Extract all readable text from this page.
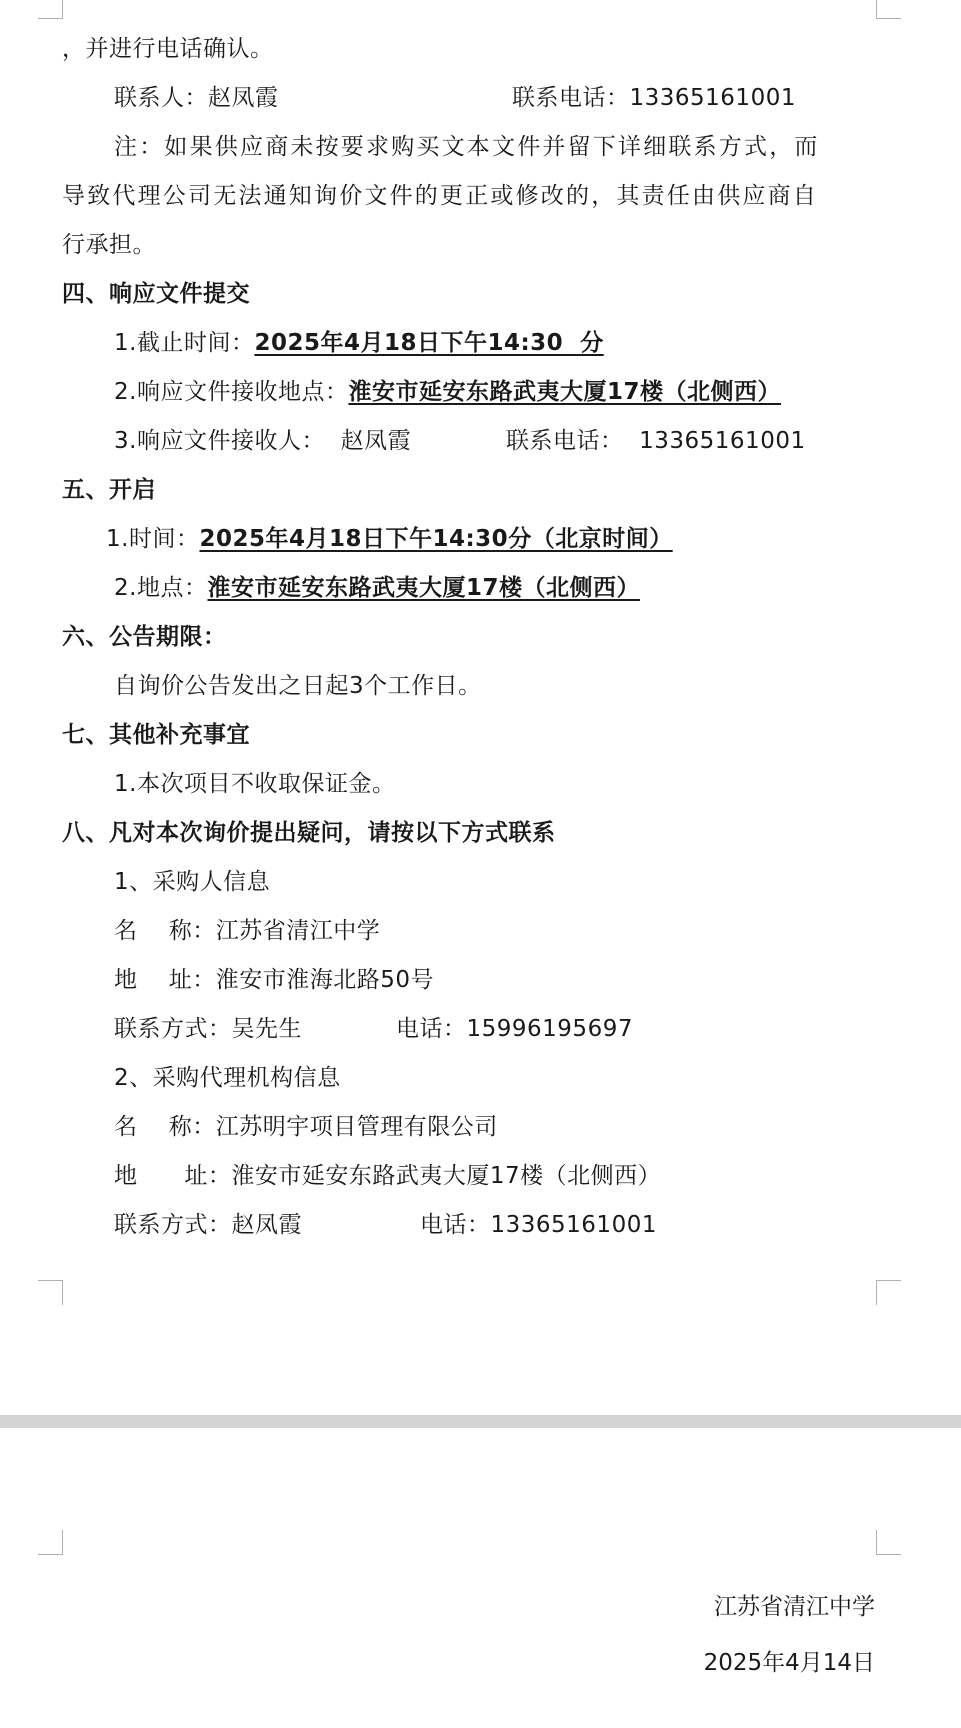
，并进行电话确认。
联系人：赵凤霞	联系电话：13365161001
注：如果供应商未按要求购买文本文件并留下详细联系方式，而
导致代理公司无法通知询价文件的更正或修改的，其责任由供应商自
行承担。
四、响应文件提交
1.截止时间：2025年4月18日下午14:30  分
2.响应文件接收地点：淮安市延安东路武夷大厦17楼（北侧西）
3.响应文件接收人：  赵凤霞	联系电话：  13365161001
五、开启
1.时间：2025年4月18日下午14:30分（北京时间）
2.地点：淮安市延安东路武夷大厦17楼（北侧西）
六、公告期限：
自询价公告发出之日起3个工作日。
七、其他补充事宜
1.本次项目不收取保证金。
八、凡对本次询价提出疑问，请按以下方式联系
1、采购人信息
名    称：江苏省清江中学
地    址：淮安市淮海北路50号
联系方式：吴先生	电话：15996195697
2、采购代理机构信息
名    称：江苏明宇项目管理有限公司
地      址：淮安市延安东路武夷大厦17楼（北侧西）
联系方式：赵凤霞	电话：13365161001
江苏省清江中学
2025年4月14日
